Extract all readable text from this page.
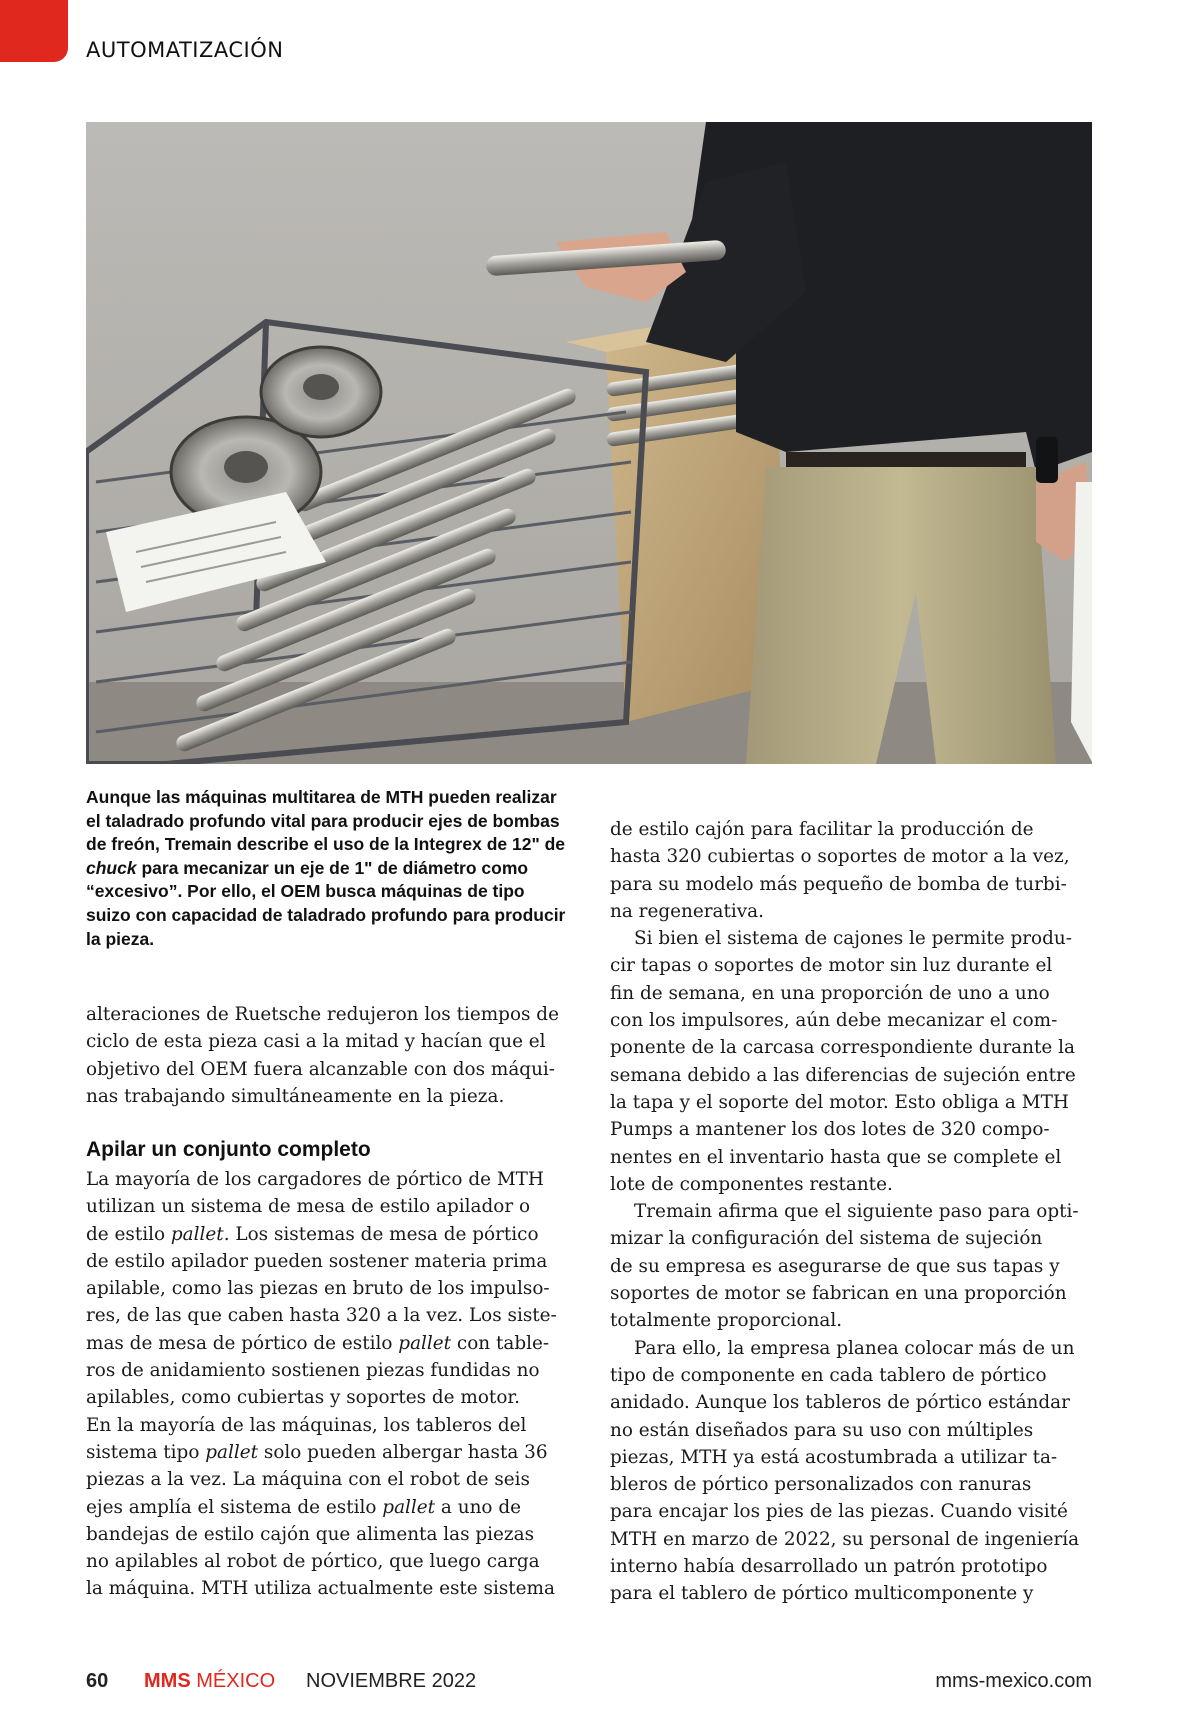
AUTOMATIZACIÓN

Aunque las máquinas multitarea de MTH pueden realizar

el taladrado profundo vital para producir ejes de bombas

de freón, Tremain describe el uso de la Integrex de 12" de

chuck para mecanizar un eje de 1" de diámetro como

“excesivo”. Por ello, el OEM busca máquinas de tipo

suizo con capacidad de taladrado profundo para producir

la pieza.

alteraciones de Ruetsche redujeron los tiempos de

ciclo de esta pieza casi a la mitad y hacían que el

objetivo del OEM fuera alcanzable con dos máqui-

nas trabajando simultáneamente en la pieza.

Apilar un conjunto completo

La mayoría de los cargadores de pórtico de MTH

utilizan un sistema de mesa de estilo apilador o

de estilo pallet. Los sistemas de mesa de pórtico

de estilo apilador pueden sostener materia prima

apilable, como las piezas en bruto de los impulso-

res, de las que caben hasta 320 a la vez. Los siste-

mas de mesa de pórtico de estilo pallet con table-

ros de anidamiento sostienen piezas fundidas no

apilables, como cubiertas y soportes de motor.

En la mayoría de las máquinas, los tableros del

sistema tipo pallet solo pueden albergar hasta 36

piezas a la vez. La máquina con el robot de seis

ejes amplía el sistema de estilo pallet a uno de

bandejas de estilo cajón que alimenta las piezas

no apilables al robot de pórtico, que luego carga

la máquina. MTH utiliza actualmente este sistema

de estilo cajón para facilitar la producción de

hasta 320 cubiertas o soportes de motor a la vez,

para su modelo más pequeño de bomba de turbi-

na regenerativa.

Si bien el sistema de cajones le permite produ-

cir tapas o soportes de motor sin luz durante el

fin de semana, en una proporción de uno a uno

con los impulsores, aún debe mecanizar el com-

ponente de la carcasa correspondiente durante la

semana debido a las diferencias de sujeción entre

la tapa y el soporte del motor. Esto obliga a MTH

Pumps a mantener los dos lotes de 320 compo-

nentes en el inventario hasta que se complete el

lote de componentes restante.

Tremain afirma que el siguiente paso para opti-

mizar la configuración del sistema de sujeción

de su empresa es asegurarse de que sus tapas y

soportes de motor se fabrican en una proporción

totalmente proporcional.

Para ello, la empresa planea colocar más de un

tipo de componente en cada tablero de pórtico

anidado. Aunque los tableros de pórtico estándar

no están diseñados para su uso con múltiples

piezas, MTH ya está acostumbrada a utilizar ta-

bleros de pórtico personalizados con ranuras

para encajar los pies de las piezas. Cuando visité

MTH en marzo de 2022, su personal de ingeniería

interno había desarrollado un patrón prototipo

para el tablero de pórtico multicomponente y

60 MMS MÉXICO NOVIEMBRE 2022	mms-mexico.com
